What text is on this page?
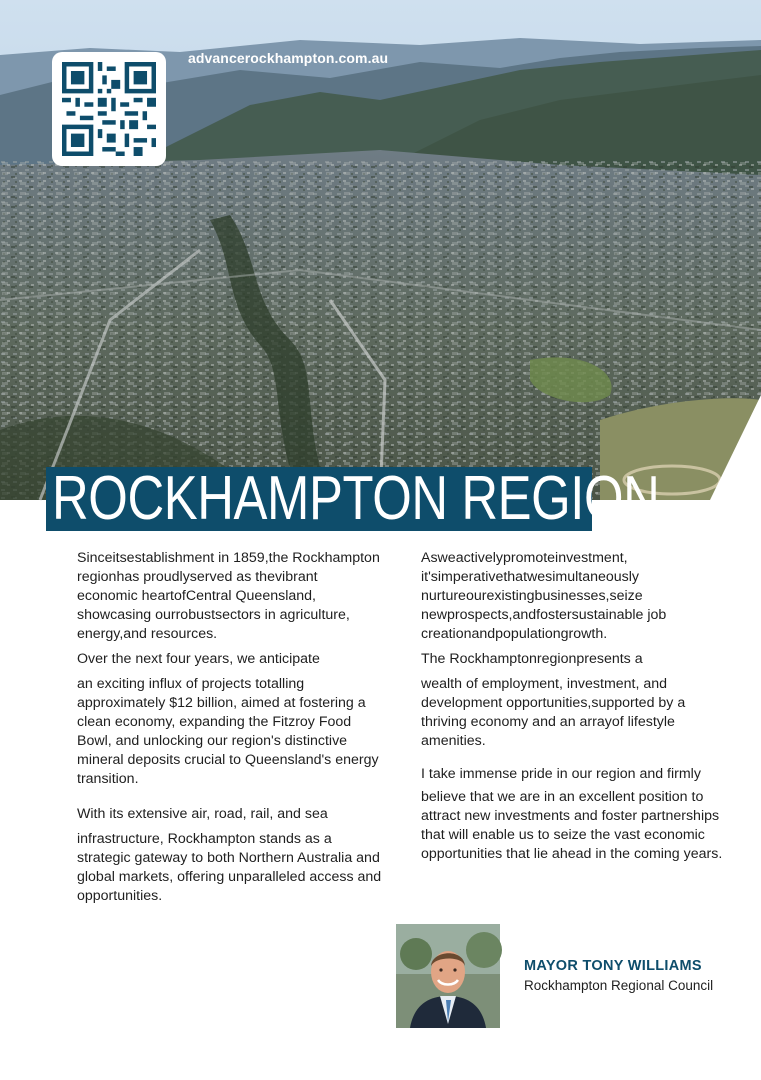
advancerockhampton.com.au
ROCKHAMPTON REGION

Sinceitsestablishment in 1859,the Rockhampton regionhas proudlyserved as thevibrant economic heartofCentral Queensland, showcasing ourrobustsectors in agriculture, energy,and resources.

Over the next four years, we anticipate

an exciting influx of projects totalling approximately $12 billion, aimed at fostering a clean economy, expanding the Fitzroy Food Bowl, and unlocking our region's distinctive mineral deposits crucial to Queensland's energy transition.

With its extensive air, road, rail, and sea

infrastructure, Rockhampton stands as a strategic gateway to both Northern Australia and global markets, offering unparalleled access and opportunities.

Asweactivelypromoteinvestment, it'simperativethatwesimultaneously nurtureourexistingbusinesses,seize newprospects,andfostersustainable job creationandpopulationgrowth.

The Rockhamptonregionpresents a

wealth of employment, investment, and development opportunities,supported by a thriving economy and an arrayof lifestyle amenities.

I take immense pride in our region and firmly

believe that we are in an excellent position to attract new investments and foster partnerships that will enable us to seize the vast economic opportunities that lie ahead in the coming years.

MAYOR TONY WILLIAMS
Rockhampton Regional Council
